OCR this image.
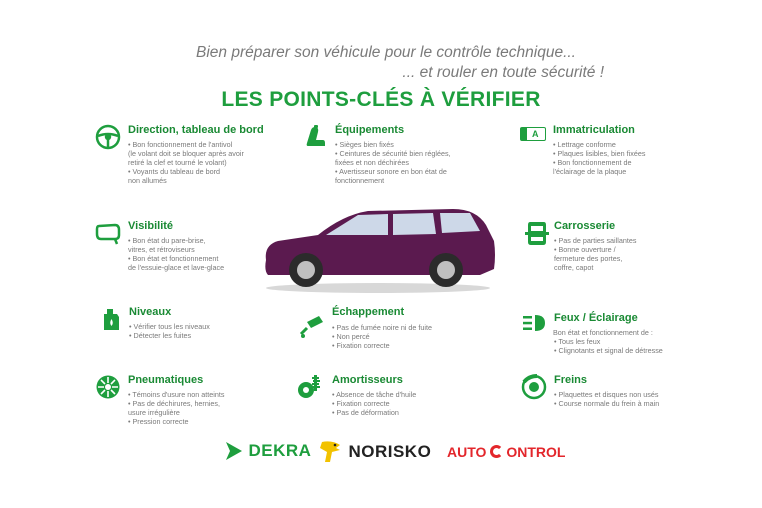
Bien préparer son véhicule pour le contrôle technique...
... et rouler en toute sécurité !
LES POINTS-CLÉS À VÉRIFIER
Direction, tableau de bord
• Bon fonctionnement de l'antivol
(le volant doit se bloquer après avoir
retiré la clef et tourné le volant)
• Voyants du tableau de bord
non allumés
Équipements
• Sièges bien fixés
• Ceintures de sécurité bien réglées,
fixées et non déchirées
• Avertisseur sonore en bon état de
fonctionnement
A Immatriculation
• Lettrage conforme
• Plaques lisibles, bien fixées
• Bon fonctionnement de
l'éclairage de la plaque
Visibilité
• Bon état du pare-brise,
vitres, et rétroviseurs
• Bon état et fonctionnement
de l'essuie-glace et lave-glace
Carrosserie
• Pas de parties saillantes
• Bonne ouverture /
fermeture des portes,
coffre, capot
Niveaux
• Vérifier tous les niveaux
• Détecter les fuites
Échappement
• Pas de fumée noire ni de fuite
• Non percé
• Fixation correcte
Feux / Éclairage
Bon état et fonctionnement de :
• Tous les feux
• Clignotants et signal de détresse
Pneumatiques
• Témoins d'usure non atteints
• Pas de déchirures, hernies,
usure irrégulière
• Pression correcte
Amortisseurs
• Absence de tâche d'huile
• Fixation correcte
• Pas de déformation
Freins
• Plaquettes et disques non usés
• Course normale du frein à main
DEKRA	NORISKO AUTO ONTROL
